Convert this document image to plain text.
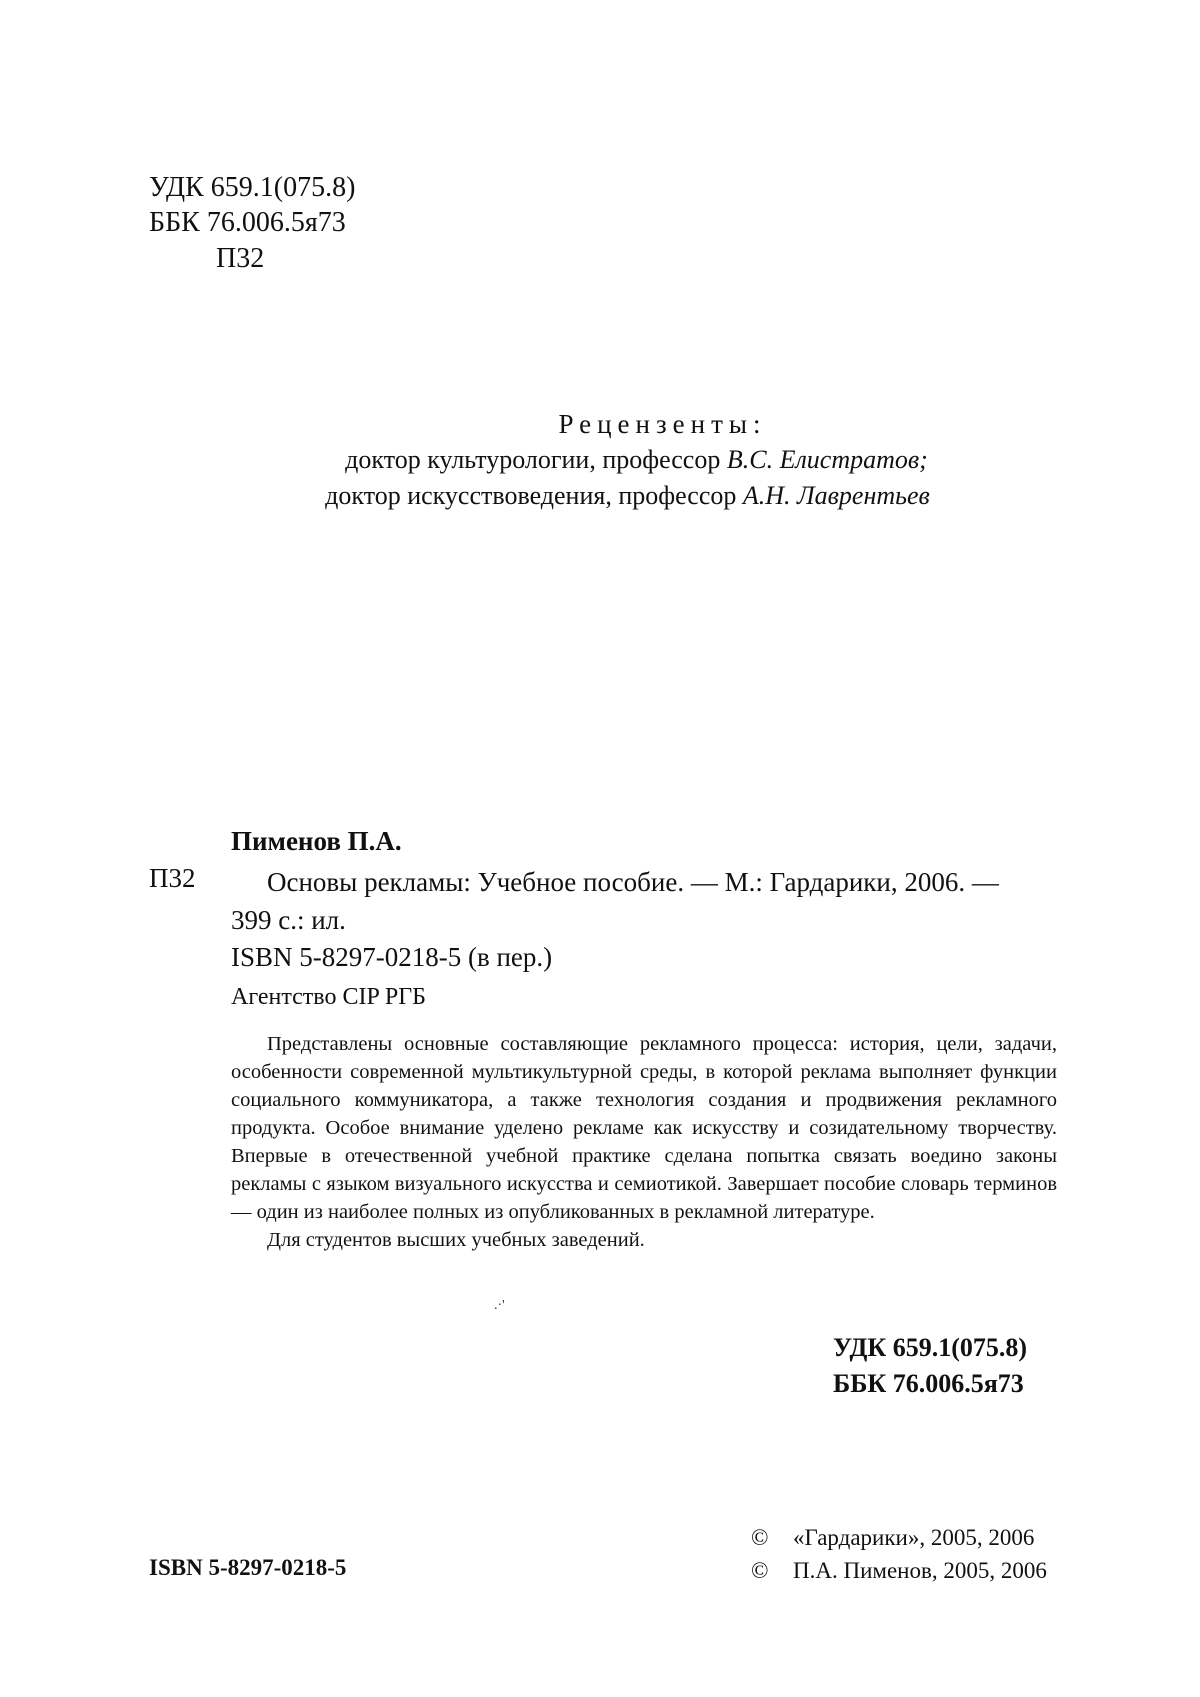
УДК 659.1(075.8)
ББК 76.006.5я73
П32
Рецензенты:
доктор культурологии, профессор В.С. Елистратов;
доктор искусствоведения, профессор А.Н. Лаврентьев
Пименов П.А.
П32	Основы рекламы: Учебное пособие. — М.: Гардарики, 2006. —
399 с.: ил.
ISBN 5-8297-0218-5 (в пер.)
Агентство CIP РГБ

Представлены основные составляющие рекламного процесса: история, цели, задачи, особенности современной мультикультурной среды, в которой реклама выполняет функции социального коммуникатора, а также технология создания и продвижения рекламного продукта. Особое внимание уделено рекламе как искусству и созидательному творчеству. Впервые в отечественной учебной практике сделана попытка связать воедино законы рекламы с языком визуального искусства и семиотикой. Завершает пособие словарь терминов — один из наиболее полных из опубликованных в рекламной литературе.

Для студентов высших учебных заведений.

.·'
УДК 659.1(075.8)
ББК 76.006.5я73
ISBN 5-8297-0218-5
© «Гардарики», 2005, 2006
© П.А. Пименов, 2005, 2006
